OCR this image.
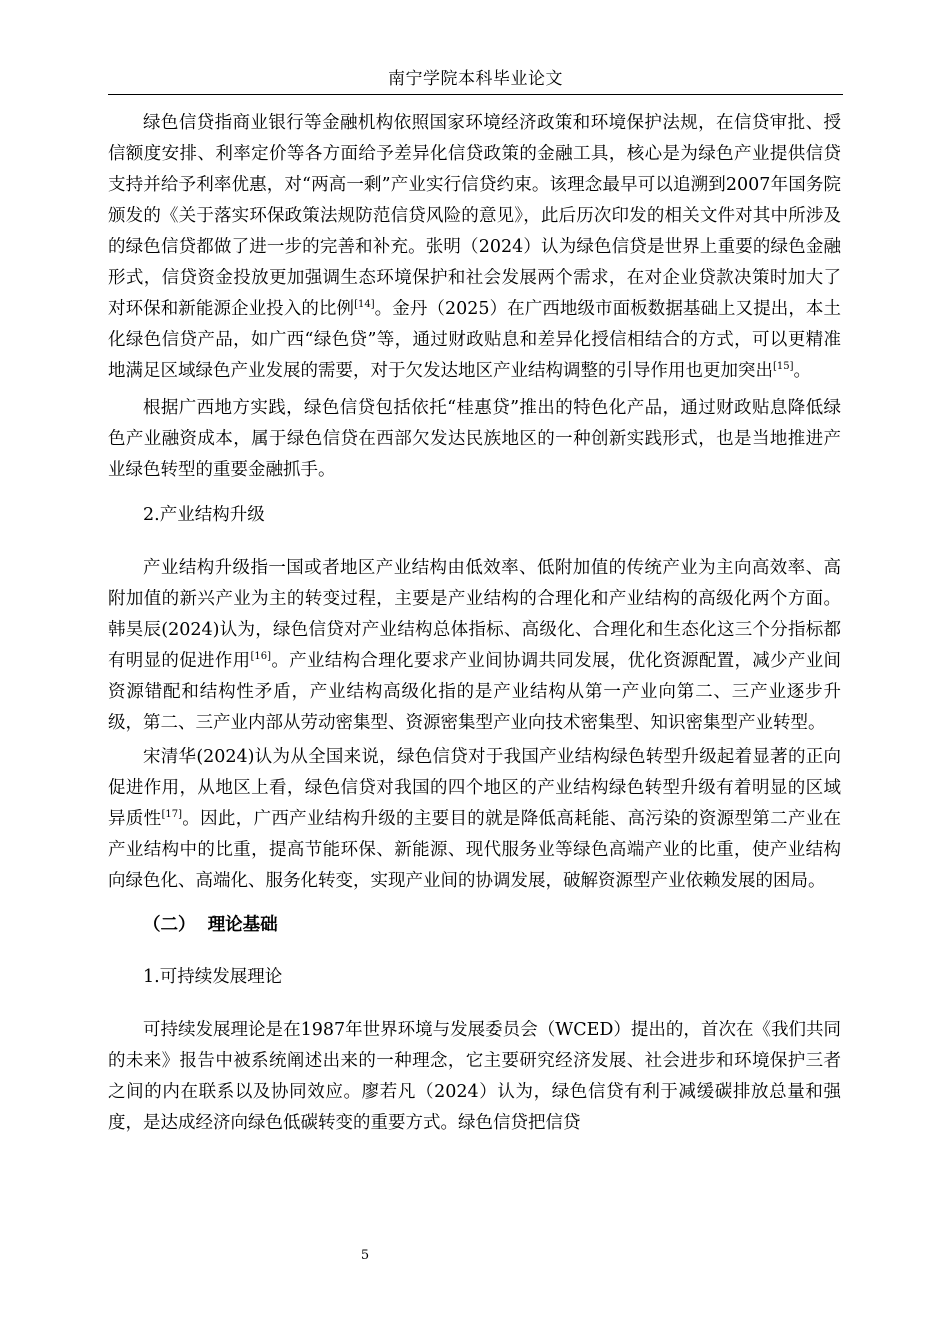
南宁学院本科毕业论文

绿色信贷指商业银行等金融机构依照国家环境经济政策和环境保护法规，在信贷审批、授信额度安排、利率定价等各方面给予差异化信贷政策的金融工具，核心是为绿色产业提供信贷支持并给予利率优惠，对“两高一剩”产业实行信贷约束。该理念最早可以追溯到2007年国务院颁发的《关于落实环保政策法规防范信贷风险的意见》，此后历次印发的相关文件对其中所涉及的绿色信贷都做了进一步的完善和补充。张明（2024）认为绿色信贷是世界上重要的绿色金融形式，信贷资金投放更加强调生态环境保护和社会发展两个需求，在对企业贷款决策时加大了对环保和新能源企业投入的比例[14]。金丹（2025）在广西地级市面板数据基础上又提出，本土化绿色信贷产品，如广西“绿色贷”等，通过财政贴息和差异化授信相结合的方式，可以更精准地满足区域绿色产业发展的需要，对于欠发达地区产业结构调整的引导作用也更加突出[15]。

根据广西地方实践，绿色信贷包括依托“桂惠贷”推出的特色化产品，通过财政贴息降低绿色产业融资成本，属于绿色信贷在西部欠发达民族地区的一种创新实践形式，也是当地推进产业绿色转型的重要金融抓手。

2.产业结构升级

产业结构升级指一国或者地区产业结构由低效率、低附加值的传统产业为主向高效率、高附加值的新兴产业为主的转变过程，主要是产业结构的合理化和产业结构的高级化两个方面。韩昊辰(2024)认为，绿色信贷对产业结构总体指标、高级化、合理化和生态化这三个分指标都有明显的促进作用[16]。产业结构合理化要求产业间协调共同发展，优化资源配置，减少产业间资源错配和结构性矛盾，产业结构高级化指的是产业结构从第一产业向第二、三产业逐步升级，第二、三产业内部从劳动密集型、资源密集型产业向技术密集型、知识密集型产业转型。

宋清华(2024)认为从全国来说，绿色信贷对于我国产业结构绿色转型升级起着显著的正向促进作用，从地区上看，绿色信贷对我国的四个地区的产业结构绿色转型升级有着明显的区域异质性[17]。因此，广西产业结构升级的主要目的就是降低高耗能、高污染的资源型第二产业在产业结构中的比重，提高节能环保、新能源、现代服务业等绿色高端产业的比重，使产业结构向绿色化、高端化、服务化转变，实现产业间的协调发展，破解资源型产业依赖发展的困局。

（二） 理论基础

1.可持续发展理论

可持续发展理论是在1987年世界环境与发展委员会（WCED）提出的，首次在《我们共同的未来》报告中被系统阐述出来的一种理念，它主要研究经济发展、社会进步和环境保护三者之间的内在联系以及协同效应。廖若凡（2024）认为，绿色信贷有利于减缓碳排放总量和强度，是达成经济向绿色低碳转变的重要方式。绿色信贷把信贷

5
